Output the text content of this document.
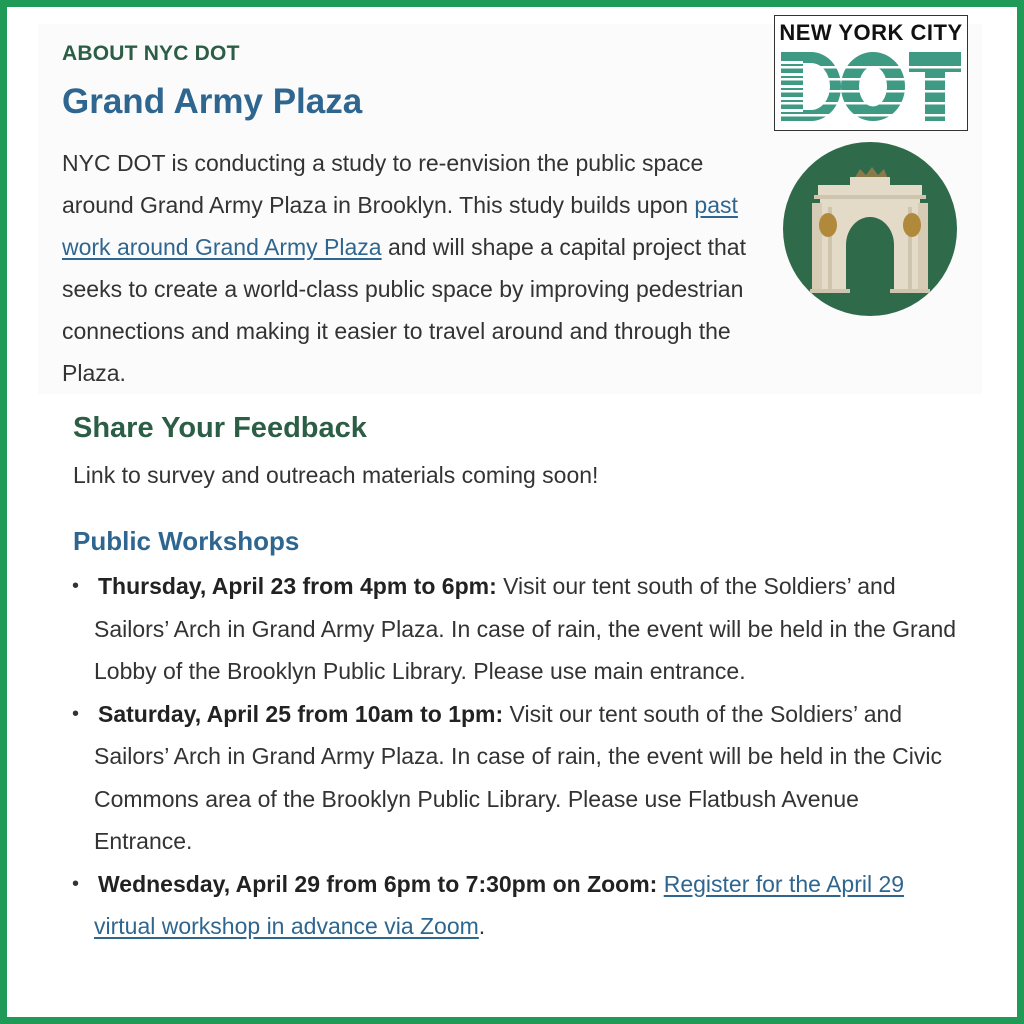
ABOUT NYC DOT
Grand Army Plaza

NYC DOT is conducting a study to re-envision the public space around Grand Army Plaza in Brooklyn. This study builds upon past work around Grand Army Plaza and will shape a capital project that seeks to create a world-class public space by improving pedestrian connections and making it easier to travel around and through the Plaza.

NEW YORK CITY
Share Your Feedback

Link to survey and outreach materials coming soon!

Public Workshops
• Thursday, April 23 from 4pm to 6pm: Visit our tent south of the Soldiers’ and Sailors’ Arch in Grand Army Plaza. In case of rain, the event will be held in the Grand Lobby of the Brooklyn Public Library. Please use main entrance.
• Saturday, April 25 from 10am to 1pm: Visit our tent south of the Soldiers’ and Sailors’ Arch in Grand Army Plaza. In case of rain, the event will be held in the Civic Commons area of the Brooklyn Public Library. Please use Flatbush Avenue Entrance.
• Wednesday, April 29 from 6pm to 7:30pm on Zoom: Register for the April 29 virtual workshop in advance via Zoom.
